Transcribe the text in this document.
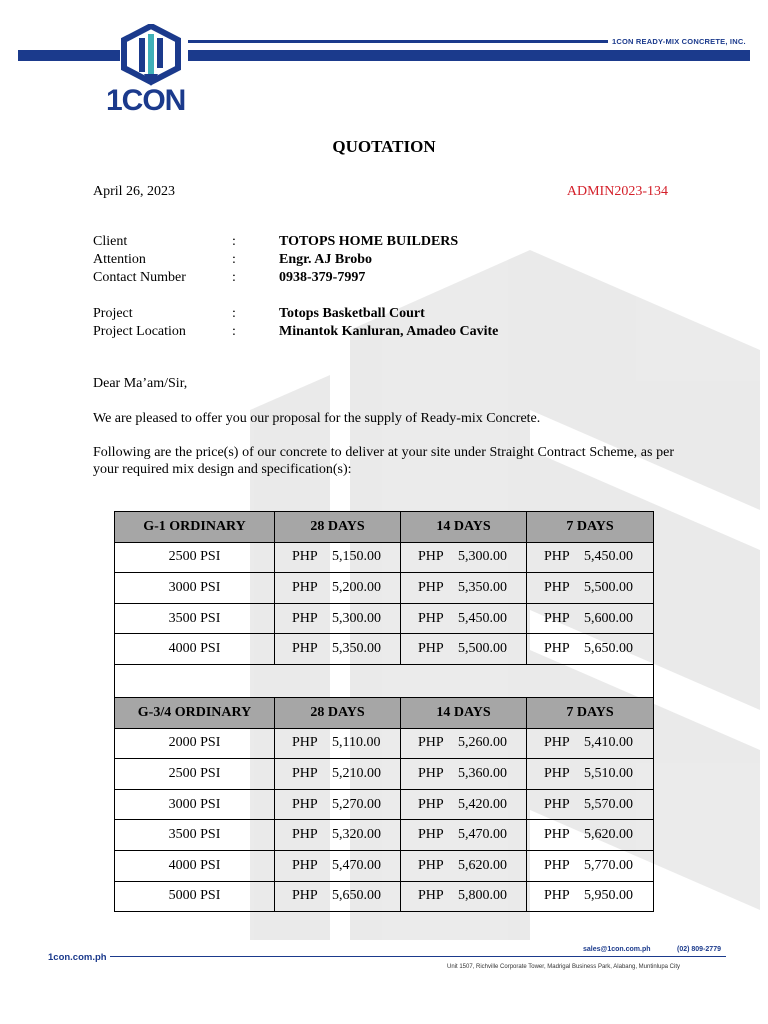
1CON READY-MIX CONCRETE, INC.
1CON
QUOTATION
April 26, 2023	ADMIN2023-134
Client	:	TOTOPS HOME BUILDERS
Attention	:	Engr. AJ Brobo
Contact Number	:	0938-379-7997
Project	:	Totops Basketball Court
Project Location	:	Minantok Kanluran, Amadeo Cavite
Dear Ma’am/Sir,
We are pleased to offer you our proposal for the supply of Ready-mix Concrete.
Following are the price(s) of our concrete to deliver at your site under Straight Contract Scheme, as per your required mix design and specification(s):
G-1 ORDINARY	28 DAYS	14 DAYS	7 DAYS
2500 PSI	PHP 5,150.00	PHP 5,300.00	PHP 5,450.00
3000 PSI	PHP 5,200.00	PHP 5,350.00	PHP 5,500.00
3500 PSI	PHP 5,300.00	PHP 5,450.00	PHP 5,600.00
4000 PSI	PHP 5,350.00	PHP 5,500.00	PHP 5,650.00

G-3/4 ORDINARY	28 DAYS	14 DAYS	7 DAYS
2000 PSI	PHP 5,110.00	PHP 5,260.00	PHP 5,410.00
2500 PSI	PHP 5,210.00	PHP 5,360.00	PHP 5,510.00
3000 PSI	PHP 5,270.00	PHP 5,420.00	PHP 5,570.00
3500 PSI	PHP 5,320.00	PHP 5,470.00	PHP 5,620.00
4000 PSI	PHP 5,470.00	PHP 5,620.00	PHP 5,770.00
5000 PSI	PHP 5,650.00	PHP 5,800.00	PHP 5,950.00
1con.com.ph
sales@1con.com.ph	(02) 809-2779
Unit 1507, Richville Corporate Tower, Madrigal Business Park, Alabang, Muntinlupa City
